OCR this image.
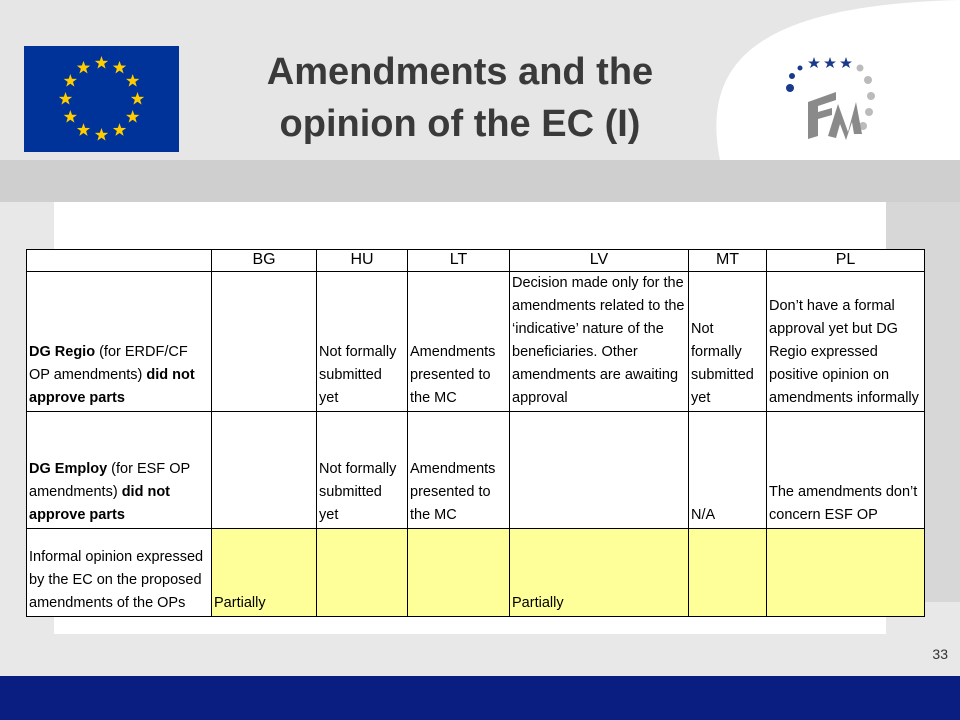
Amendments and the
opinion of the EC (I)
	BG	HU	LT	LV	MT	PL
DG Regio (for ERDF/CF OP amendments) did not approve parts		Not formally submitted yet	Amendments presented to the MC	Decision made only for the amendments related to the ‘indicative’ nature of the beneficiaries. Other amendments are awaiting approval	Not formally submitted yet	Don’t have a formal approval yet but DG Regio expressed positive opinion on amendments informally
DG Employ (for ESF OP amendments) did not approve parts		Not formally submitted yet	Amendments presented to the MC		N/A	The amendments don’t concern ESF OP
Informal opinion expressed by the EC on the proposed amendments of the OPs	Partially			Partially		
33
